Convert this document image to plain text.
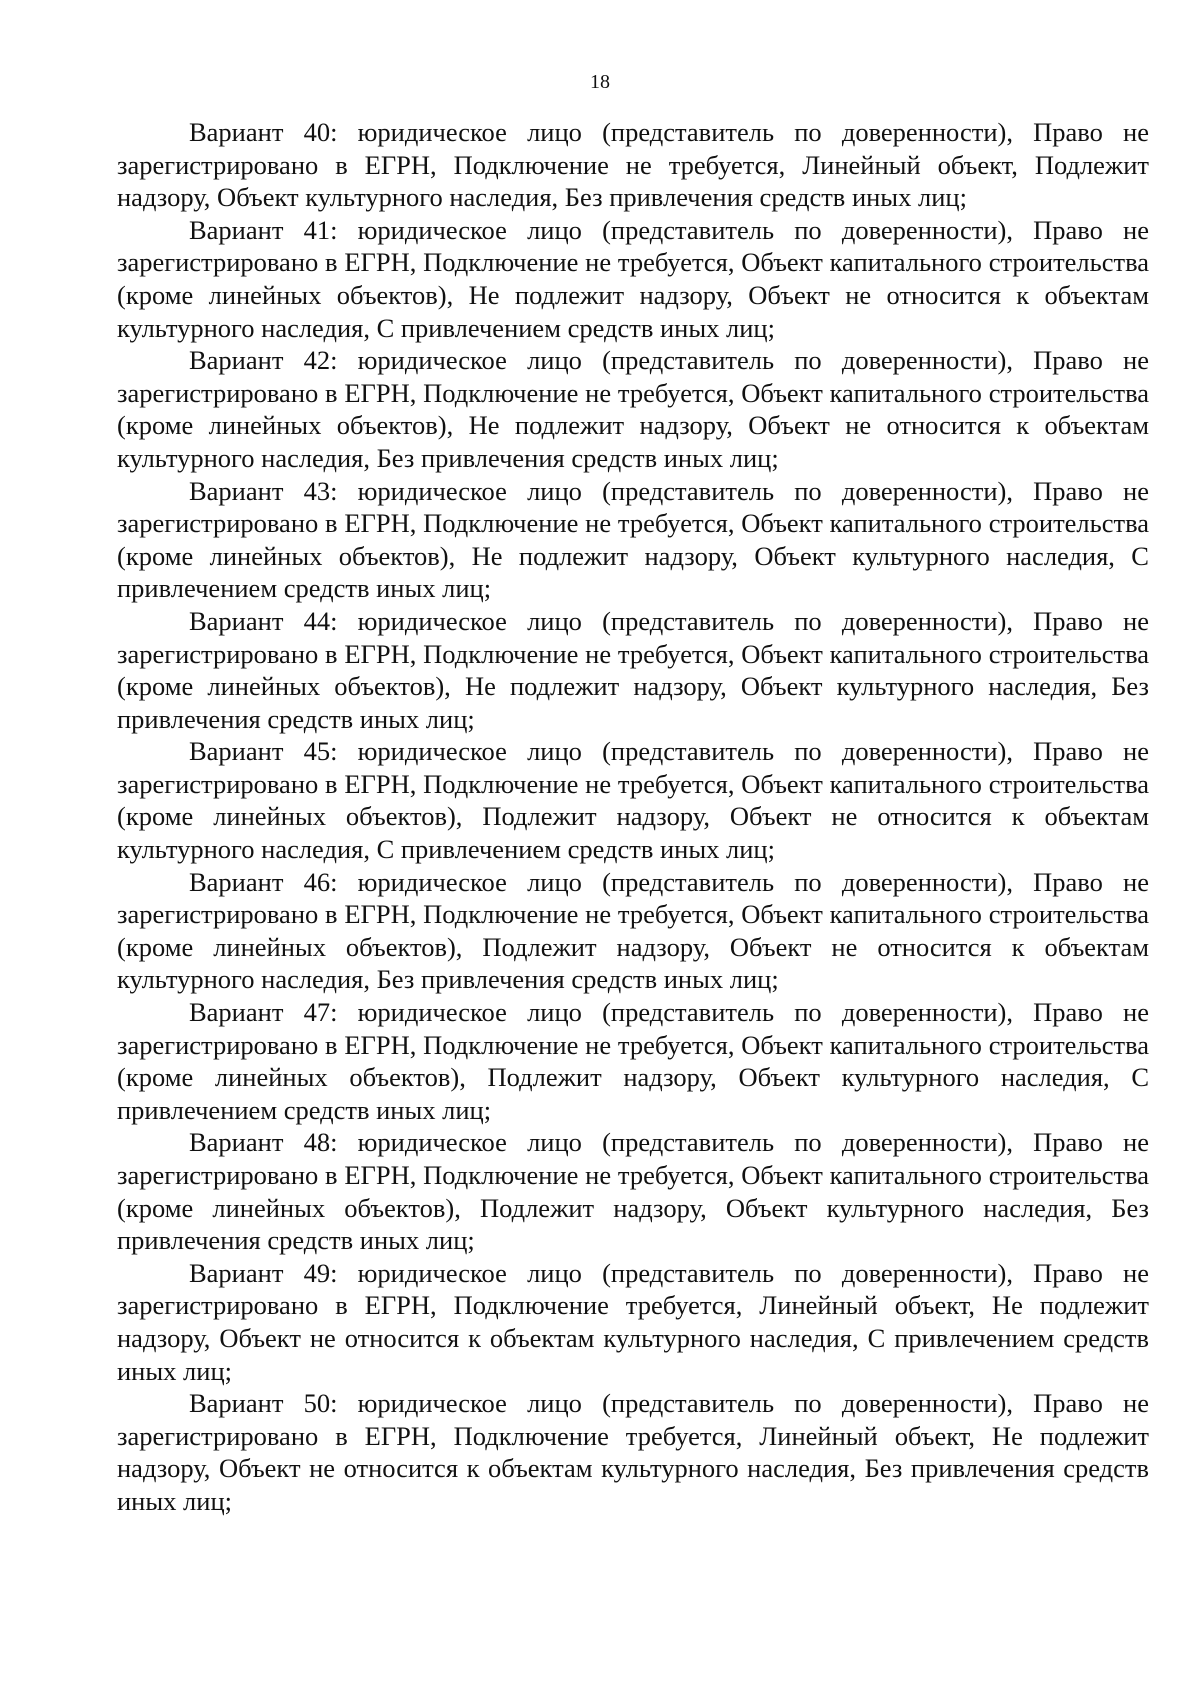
18

Вариант 40: юридическое лицо (представитель по доверенности), Право не зарегистрировано в ЕГРН, Подключение не требуется, Линейный объект, Подлежит надзору, Объект культурного наследия, Без привлечения средств иных лиц;

Вариант 41: юридическое лицо (представитель по доверенности), Право не зарегистрировано в ЕГРН, Подключение не требуется, Объект капитального строительства (кроме линейных объектов), Не подлежит надзору, Объект не относится к объектам культурного наследия, С привлечением средств иных лиц;

Вариант 42: юридическое лицо (представитель по доверенности), Право не зарегистрировано в ЕГРН, Подключение не требуется, Объект капитального строительства (кроме линейных объектов), Не подлежит надзору, Объект не относится к объектам культурного наследия, Без привлечения средств иных лиц;

Вариант 43: юридическое лицо (представитель по доверенности), Право не зарегистрировано в ЕГРН, Подключение не требуется, Объект капитального строительства (кроме линейных объектов), Не подлежит надзору, Объект культурного наследия, С привлечением средств иных лиц;

Вариант 44: юридическое лицо (представитель по доверенности), Право не зарегистрировано в ЕГРН, Подключение не требуется, Объект капитального строительства (кроме линейных объектов), Не подлежит надзору, Объект культурного наследия, Без привлечения средств иных лиц;

Вариант 45: юридическое лицо (представитель по доверенности), Право не зарегистрировано в ЕГРН, Подключение не требуется, Объект капитального строительства (кроме линейных объектов), Подлежит надзору, Объект не относится к объектам культурного наследия, С привлечением средств иных лиц;

Вариант 46: юридическое лицо (представитель по доверенности), Право не зарегистрировано в ЕГРН, Подключение не требуется, Объект капитального строительства (кроме линейных объектов), Подлежит надзору, Объект не относится к объектам культурного наследия, Без привлечения средств иных лиц;

Вариант 47: юридическое лицо (представитель по доверенности), Право не зарегистрировано в ЕГРН, Подключение не требуется, Объект капитального строительства (кроме линейных объектов), Подлежит надзору, Объект культурного наследия, С привлечением средств иных лиц;

Вариант 48: юридическое лицо (представитель по доверенности), Право не зарегистрировано в ЕГРН, Подключение не требуется, Объект капитального строительства (кроме линейных объектов), Подлежит надзору, Объект культурного наследия, Без привлечения средств иных лиц;

Вариант 49: юридическое лицо (представитель по доверенности), Право не зарегистрировано в ЕГРН, Подключение требуется, Линейный объект, Не подлежит надзору, Объект не относится к объектам культурного наследия, С привлечением средств иных лиц;

Вариант 50: юридическое лицо (представитель по доверенности), Право не зарегистрировано в ЕГРН, Подключение требуется, Линейный объект, Не подлежит надзору, Объект не относится к объектам культурного наследия, Без привлечения средств иных лиц;
